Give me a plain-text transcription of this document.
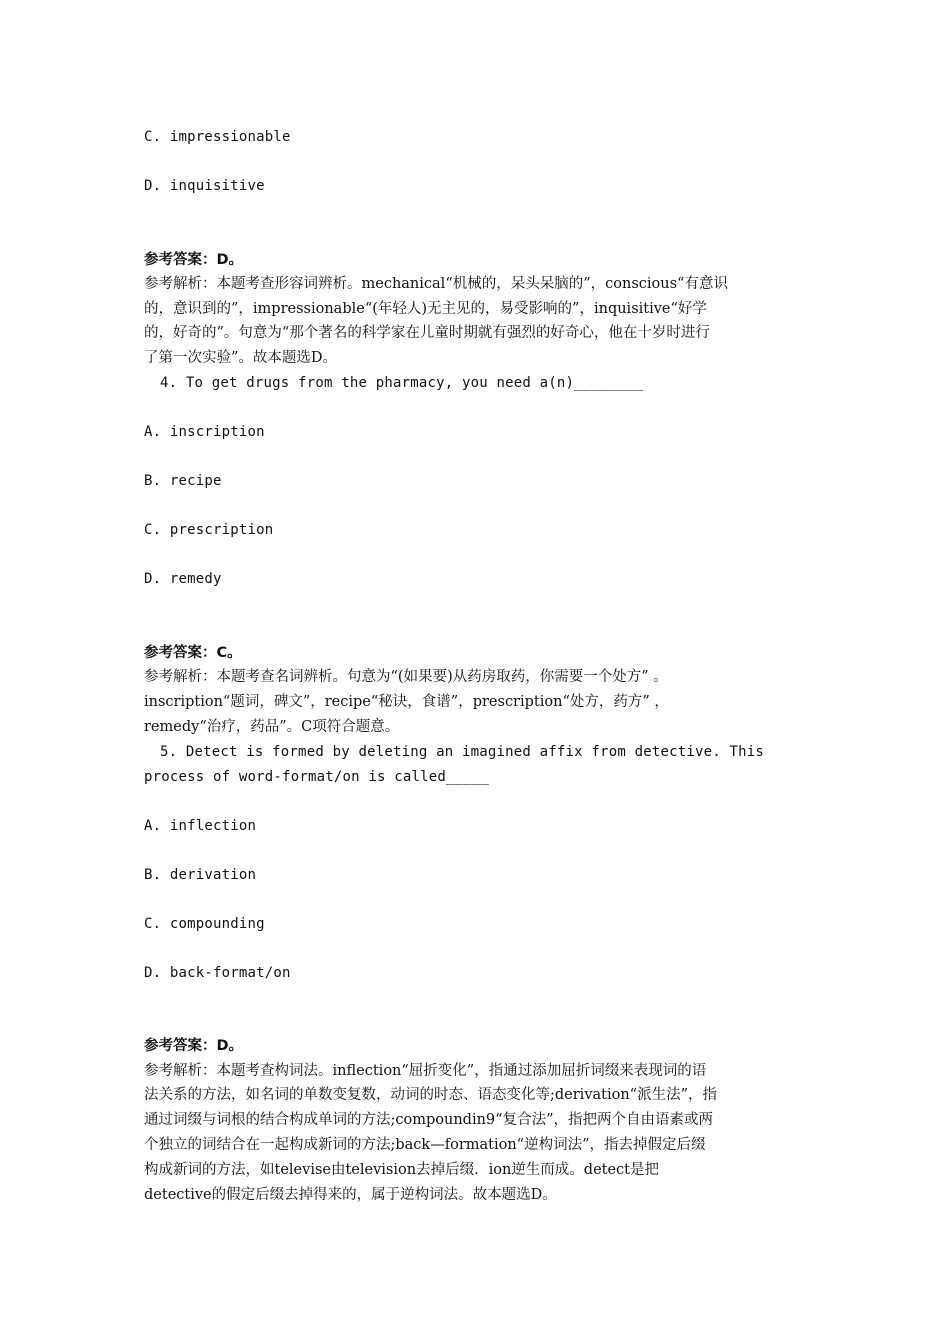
C. impressionable
D. inquisitive
参考答案：D。
参考解析：本题考查形容词辨析。mechanical“机械的，呆头呆脑的”，conscious“有意识
的，意识到的”，impressionable“(年轻人)无主见的，易受影响的”，inquisitive“好学
的，好奇的”。句意为“那个著名的科学家在儿童时期就有强烈的好奇心，他在十岁时进行
了第一次实验”。故本题选D。
4. To get drugs from the pharmacy, you need a(n)________
A. inscription
B. recipe
C. prescription
D. remedy
参考答案：C。
参考解析：本题考查名词辨析。句意为“(如果要)从药房取药，你需要一个处方” 。
inscription“题词，碑文”，recipe“秘诀，食谱”，prescription“处方，药方” ，
remedy“治疗，药品”。C项符合题意。
5. Detect is formed by deleting an imagined affix from detective. This
process of word-format/on is called_____
A. inflection
B. derivation
C. compounding
D. back-format/on
参考答案：D。
参考解析：本题考查构词法。inflection“屈折变化”，指通过添加屈折词缀来表现词的语
法关系的方法，如名词的单数变复数，动词的时态、语态变化等;derivation“派生法”，指
通过词缀与词根的结合构成单词的方法;compoundin9“复合法”，指把两个自由语素或两
个独立的词结合在一起构成新词的方法;back—formation“逆构词法”，指去掉假定后缀
构成新词的方法，如televise由television去掉后缀．ion逆生而成。detect是把
detective的假定后缀去掉得来的，属于逆构词法。故本题选D。
